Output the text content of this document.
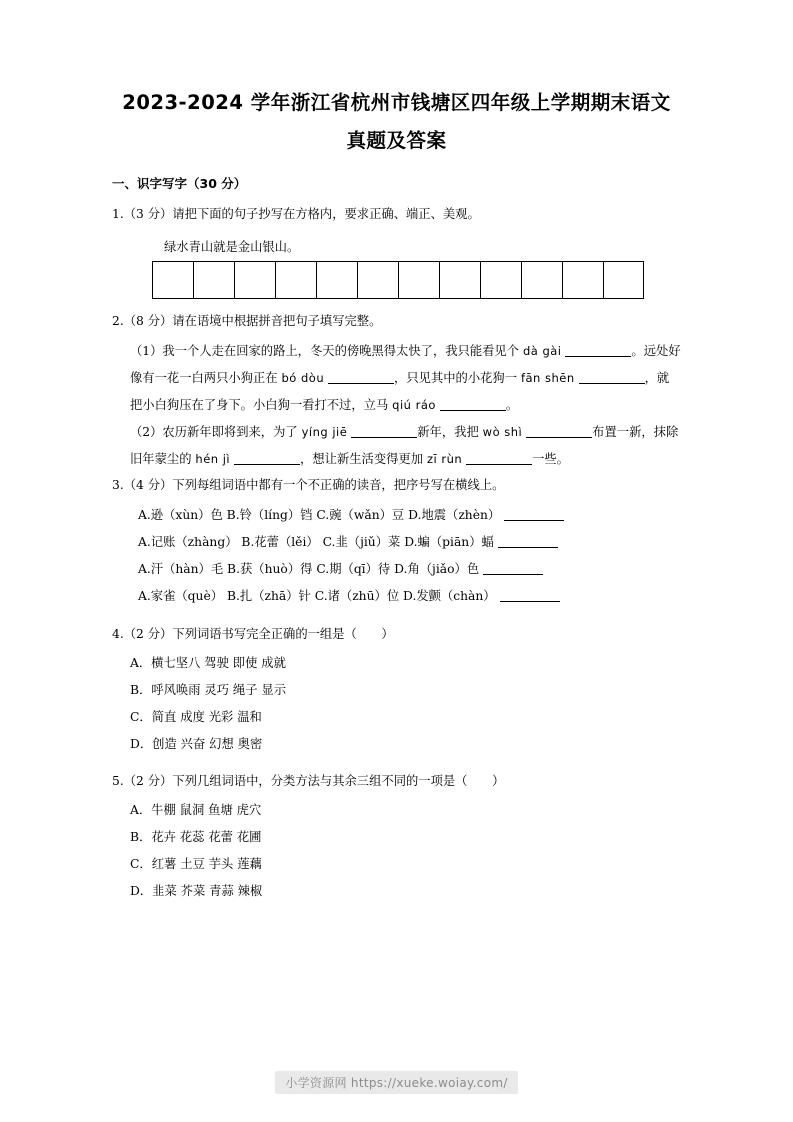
2023-2024 学年浙江省杭州市钱塘区四年级上学期期末语文
真题及答案
一、识字写字（30 分）
1.（3 分）请把下面的句子抄写在方格内，要求正确、端正、美观。
绿水青山就是金山银山。
2.（8 分）请在语境中根据拼音把句子填写完整。
（1）我一个人走在回家的路上，冬天的傍晚黑得太快了，我只能看见个 dà gài	。远处好像有一花一白两只小狗正在 bó dòu	，只见其中的小花狗一 fān shēn	，就把小白狗压在了身下。小白狗一看打不过，立马 qiú ráo	。
（2）农历新年即将到来，为了 yíng jiē	新年，我把 wò shì	布置一新，抹除旧年蒙尘的 hén jì	，想让新生活变得更加 zī rùn	一些。
3.（4 分）下列每组词语中都有一个不正确的读音，把序号写在横线上。
A.逊（xùn）色 B.铃（líng）铛 C.豌（wǎn）豆 D.地震（zhèn）
A.记账（zhàng） B.花蕾（lěi） C.韭（jiǔ）菜 D.蝙（piān）蝠
A.汗（hàn）毛 B.获（huò）得 C.期（qī）待 D.角（jiǎo）色
A.家雀（què） B.扎（zhā）针 C.诸（zhū）位 D.发颤（chàn）
4.（2 分）下列词语书写完全正确的一组是（　　）
A．横七坚八 驾驶 即使 成就
B．呼风唤雨 灵巧 绳子 显示
C．简直 成度 光彩 温和
D．创造 兴奋 幻想 奥密
5.（2 分）下列几组词语中，分类方法与其余三组不同的一项是（　　）
A．牛棚 鼠洞 鱼塘 虎穴
B．花卉 花蕊 花蕾 花圃
C．红薯 土豆 芋头 莲藕
D．韭菜 芥菜 青蒜 辣椒
小学资源网 https://xueke.woiay.com/
